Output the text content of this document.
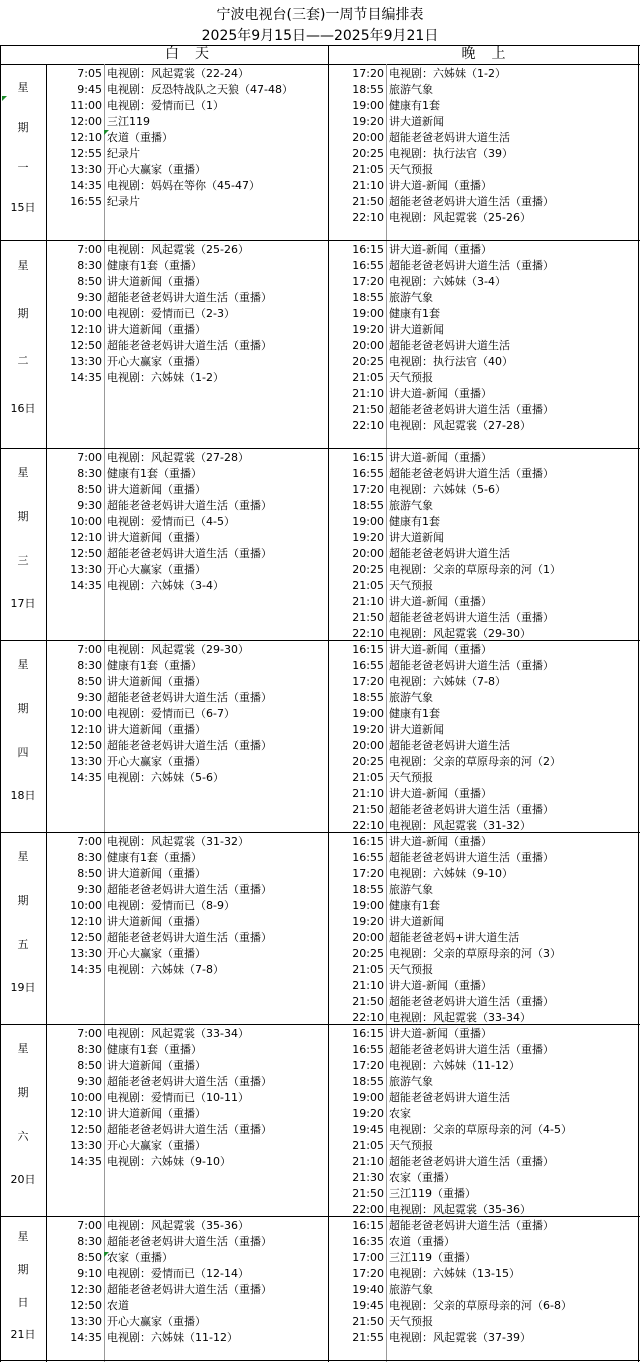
宁波电视台(三套)一周节目编排表
2025年9月15日——2025年9月21日
白　天	晚　上
星
期
一
15日
7:05 电视剧：风起霓裳（22-24）
9:45 电视剧：反恐特战队之天狼（47-48）
11:00 电视剧：爱情而已（1）
12:00 三江119
12:10 农道（重播）
12:55 纪录片
13:30 开心大赢家（重播）
14:35 电视剧：妈妈在等你（45-47）
16:55 纪录片
17:20 电视剧：六姊妹（1-2）
18:55 旅游气象
19:00 健康有1套
19:20 讲大道新闻
20:00 超能老爸老妈讲大道生活
20:25 电视剧：执行法官（39）
21:05 天气预报
21:10 讲大道-新闻（重播）
21:50 超能老爸老妈讲大道生活（重播）
22:10 电视剧：风起霓裳（25-26）
星
期
二
16日
7:00 电视剧：风起霓裳（25-26）
8:30 健康有1套（重播）
8:50 讲大道新闻（重播）
9:30 超能老爸老妈讲大道生活（重播）
10:00 电视剧：爱情而已（2-3）
12:10 讲大道新闻（重播）
12:50 超能老爸老妈讲大道生活（重播）
13:30 开心大赢家（重播）
14:35 电视剧：六姊妹（1-2）
16:15 讲大道-新闻（重播）
16:55 超能老爸老妈讲大道生活（重播）
17:20 电视剧：六姊妹（3-4）
18:55 旅游气象
19:00 健康有1套
19:20 讲大道新闻
20:00 超能老爸老妈讲大道生活
20:25 电视剧：执行法官（40）
21:05 天气预报
21:10 讲大道-新闻（重播）
21:50 超能老爸老妈讲大道生活（重播）
22:10 电视剧：风起霓裳（27-28）
星
期
三
17日
7:00 电视剧：风起霓裳（27-28）
8:30 健康有1套（重播）
8:50 讲大道新闻（重播）
9:30 超能老爸老妈讲大道生活（重播）
10:00 电视剧：爱情而已（4-5）
12:10 讲大道新闻（重播）
12:50 超能老爸老妈讲大道生活（重播）
13:30 开心大赢家（重播）
14:35 电视剧：六姊妹（3-4）
16:15 讲大道-新闻（重播）
16:55 超能老爸老妈讲大道生活（重播）
17:20 电视剧：六姊妹（5-6）
18:55 旅游气象
19:00 健康有1套
19:20 讲大道新闻
20:00 超能老爸老妈讲大道生活
20:25 电视剧：父亲的草原母亲的河（1）
21:05 天气预报
21:10 讲大道-新闻（重播）
21:50 超能老爸老妈讲大道生活（重播）
22:10 电视剧：风起霓裳（29-30）
星
期
四
18日
7:00 电视剧：风起霓裳（29-30）
8:30 健康有1套（重播）
8:50 讲大道新闻（重播）
9:30 超能老爸老妈讲大道生活（重播）
10:00 电视剧：爱情而已（6-7）
12:10 讲大道新闻（重播）
12:50 超能老爸老妈讲大道生活（重播）
13:30 开心大赢家（重播）
14:35 电视剧：六姊妹（5-6）
16:15 讲大道-新闻（重播）
16:55 超能老爸老妈讲大道生活（重播）
17:20 电视剧：六姊妹（7-8）
18:55 旅游气象
19:00 健康有1套
19:20 讲大道新闻
20:00 超能老爸老妈讲大道生活
20:25 电视剧：父亲的草原母亲的河（2）
21:05 天气预报
21:10 讲大道-新闻（重播）
21:50 超能老爸老妈讲大道生活（重播）
22:10 电视剧：风起霓裳（31-32）
星
期
五
19日
7:00 电视剧：风起霓裳（31-32）
8:30 健康有1套（重播）
8:50 讲大道新闻（重播）
9:30 超能老爸老妈讲大道生活（重播）
10:00 电视剧：爱情而已（8-9）
12:10 讲大道新闻（重播）
12:50 超能老爸老妈讲大道生活（重播）
13:30 开心大赢家（重播）
14:35 电视剧：六姊妹（7-8）
16:15 讲大道-新闻（重播）
16:55 超能老爸老妈讲大道生活（重播）
17:20 电视剧：六姊妹（9-10）
18:55 旅游气象
19:00 健康有1套
19:20 讲大道新闻
20:00 超能老爸老妈+讲大道生活
20:25 电视剧：父亲的草原母亲的河（3）
21:05 天气预报
21:10 讲大道-新闻（重播）
21:50 超能老爸老妈讲大道生活（重播）
22:10 电视剧：风起霓裳（33-34）
星
期
六
20日
7:00 电视剧：风起霓裳（33-34）
8:30 健康有1套（重播）
8:50 讲大道新闻（重播）
9:30 超能老爸老妈讲大道生活（重播）
10:00 电视剧：爱情而已（10-11）
12:10 讲大道新闻（重播）
12:50 超能老爸老妈讲大道生活（重播）
13:30 开心大赢家（重播）
14:35 电视剧：六姊妹（9-10）
16:15 讲大道-新闻（重播）
16:55 超能老爸老妈讲大道生活（重播）
17:20 电视剧：六姊妹（11-12）
18:55 旅游气象
19:00 超能老爸老妈讲大道生活
19:20 农家
19:45 电视剧：父亲的草原母亲的河（4-5）
21:05 天气预报
21:10 超能老爸老妈讲大道生活（重播）
21:30 农家（重播）
21:50 三江119（重播）
22:00 电视剧：风起霓裳（35-36）
星
期
日
21日
7:00 电视剧：风起霓裳（35-36）
8:30 超能老爸老妈讲大道生活（重播）
8:50 农家（重播）
9:10 电视剧：爱情而已（12-14）
12:30 超能老爸老妈讲大道生活（重播）
12:50 农道
13:30 开心大赢家（重播）
14:35 电视剧：六姊妹（11-12）
16:15 超能老爸老妈讲大道生活（重播）
16:35 农道（重播）
17:00 三江119（重播）
17:20 电视剧：六姊妹（13-15）
19:40 旅游气象
19:45 电视剧：父亲的草原母亲的河（6-8）
21:50 天气预报
21:55 电视剧：风起霓裳（37-39）
